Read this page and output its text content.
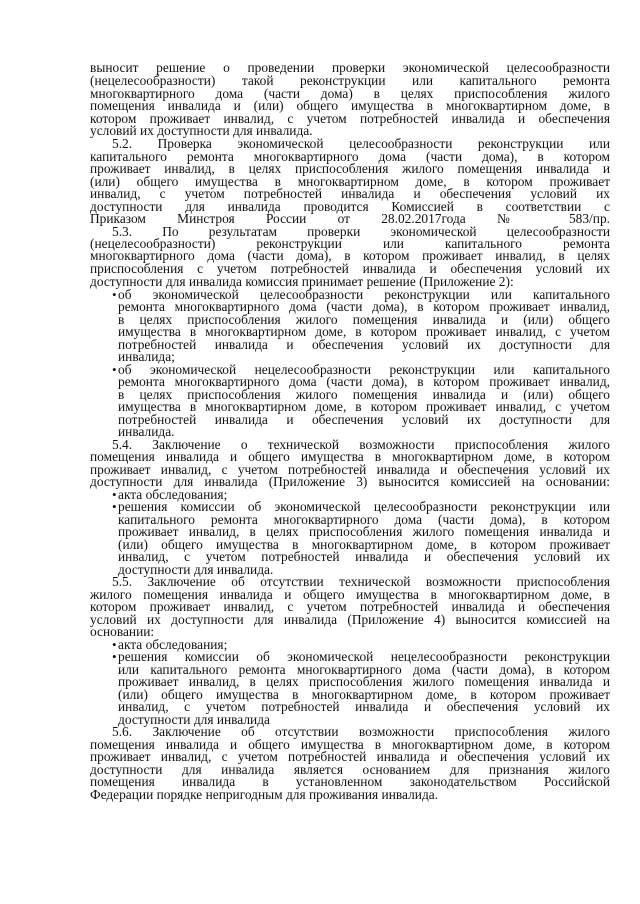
выносит решение о проведении проверки экономической целесообразности
(нецелесообразности) такой реконструкции или капитального ремонта
многоквартирного дома (части дома) в целях приспособления жилого
помещения инвалида и (или) общего имущества в многоквартирном доме, в
котором проживает инвалид, с учетом потребностей инвалида и обеспечения
условий их доступности для инвалида.
5.2. Проверка экономической целесообразности реконструкции или
капитального ремонта многоквартирного дома (части дома), в котором
проживает инвалид, в целях приспособления жилого помещения инвалида и
(или) общего имущества в многоквартирном доме, в котором проживает
инвалид, с учетом потребностей инвалида и обеспечения условий их
доступности для инвалида проводится Комиссией в соответствии с
Приказом Минстроя России от 28.02.2017года № 583/пр.
5.3. По результатам проверки экономической целесообразности
(нецелесообразности) реконструкции или капитального ремонта
многоквартирного дома (части дома), в котором проживает инвалид, в целях
приспособления с учетом потребностей инвалида и обеспечения условий их
доступности для инвалида комиссия принимает решение (Приложение 2):
об экономической целесообразности реконструкции или капитального
ремонта многоквартирного дома (части дома), в котором проживает инвалид,
в целях приспособления жилого помещения инвалида и (или) общего
имущества в многоквартирном доме, в котором проживает инвалид, с учетом
потребностей инвалида и обеспечения условий их доступности для
инвалида;
об экономической нецелесообразности реконструкции или капитального
ремонта многоквартирного дома (части дома), в котором проживает инвалид,
в целях приспособления жилого помещения инвалида и (или) общего
имущества в многоквартирном доме, в котором проживает инвалид, с учетом
потребностей инвалида и обеспечения условий их доступности для
инвалида.
5.4. Заключение о технической возможности приспособления жилого
помещения инвалида и общего имущества в многоквартирном доме, в котором
проживает инвалид, с учетом потребностей инвалида и обеспечения условий их
доступности для инвалида (Приложение 3) выносится комиссией на основании:
акта обследования;
решения комиссии об экономической целесообразности реконструкции или
капитального ремонта многоквартирного дома (части дома), в котором
проживает инвалид, в целях приспособления жилого помещения инвалида и
(или) общего имущества в многоквартирном доме, в котором проживает
инвалид, с учетом потребностей инвалида и обеспечения условий их
доступности для инвалида.
5.5. Заключение об отсутствии технической возможности приспособления
жилого помещения инвалида и общего имущества в многоквартирном доме, в
котором проживает инвалид, с учетом потребностей инвалида и обеспечения
условий их доступности для инвалида (Приложение 4) выносится комиссией на
основании:
акта обследования;
решения комиссии об экономической нецелесообразности реконструкции
или капитального ремонта многоквартирного дома (части дома), в котором
проживает инвалид, в целях приспособления жилого помещения инвалида и
(или) общего имущества в многоквартирном доме, в котором проживает
инвалид, с учетом потребностей инвалида и обеспечения условий их
доступности для инвалида
5.6. Заключение об отсутствии возможности приспособления жилого
помещения инвалида и общего имущества в многоквартирном доме, в котором
проживает инвалид, с учетом потребностей инвалида и обеспечения условий их
доступности для инвалида является основанием для признания жилого
помещения инвалида в установленном законодательством Российской
Федерации порядке непригодным для проживания инвалида.
•
•
•
•
•
•
